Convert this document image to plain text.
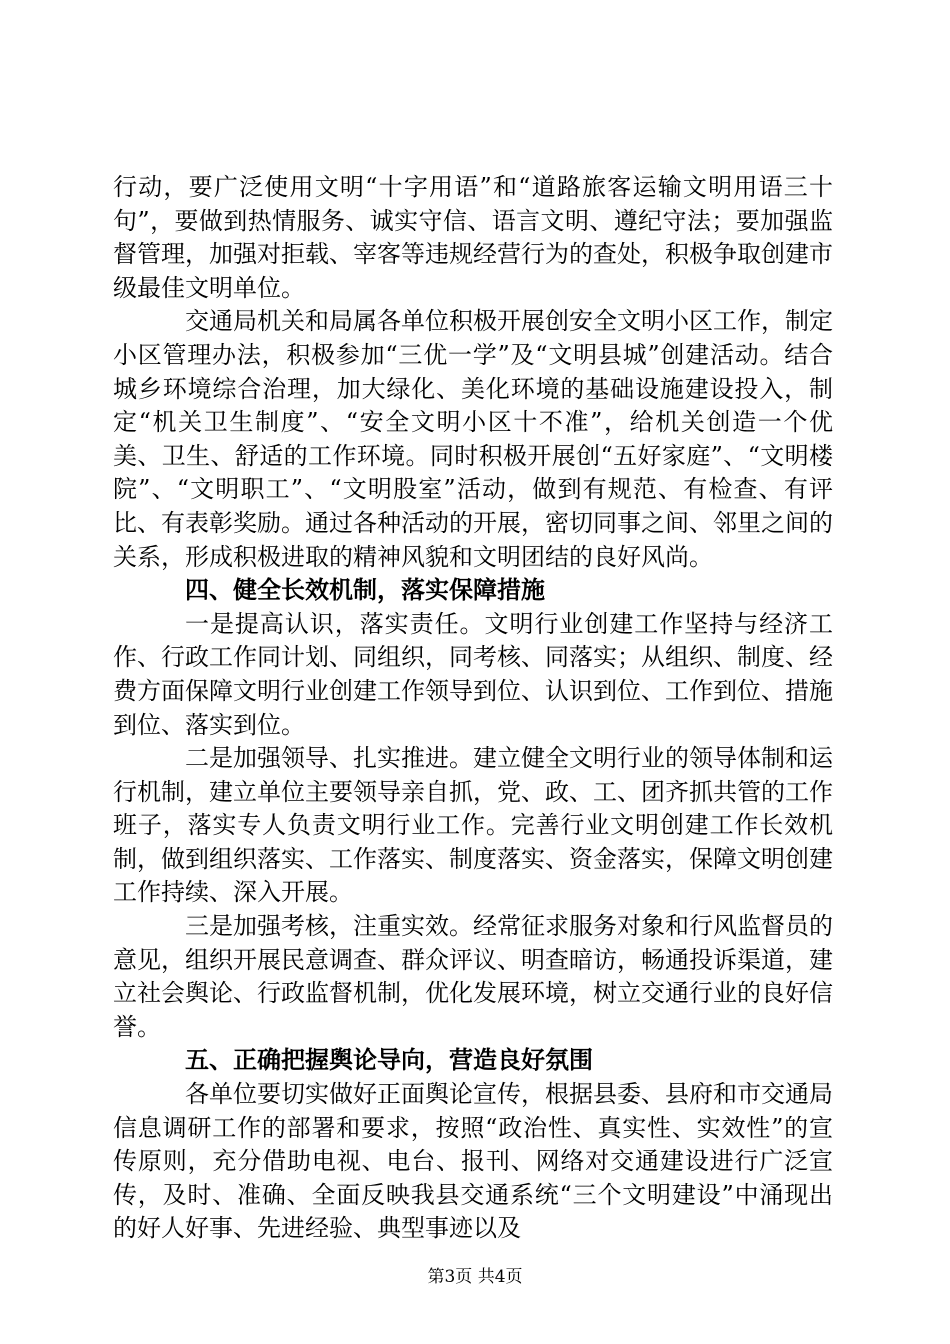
行动，要广泛使用文明“十字用语”和“道路旅客运输文明用语三十句”，要做到热情服务、诚实守信、语言文明、遵纪守法；要加强监督管理，加强对拒载、宰客等违规经营行为的查处，积极争取创建市级最佳文明单位。

交通局机关和局属各单位积极开展创安全文明小区工作，制定小区管理办法，积极参加“三优一学”及“文明县城”创建活动。结合城乡环境综合治理，加大绿化、美化环境的基础设施建设投入，制定“机关卫生制度”、“安全文明小区十不准”，给机关创造一个优美、卫生、舒适的工作环境。同时积极开展创“五好家庭”、“文明楼院”、“文明职工”、“文明股室”活动，做到有规范、有检查、有评比、有表彰奖励。通过各种活动的开展，密切同事之间、邻里之间的关系，形成积极进取的精神风貌和文明团结的良好风尚。

四、健全长效机制，落实保障措施

一是提高认识，落实责任。文明行业创建工作坚持与经济工作、行政工作同计划、同组织，同考核、同落实；从组织、制度、经费方面保障文明行业创建工作领导到位、认识到位、工作到位、措施到位、落实到位。

二是加强领导、扎实推进。建立健全文明行业的领导体制和运行机制，建立单位主要领导亲自抓，党、政、工、团齐抓共管的工作班子，落实专人负责文明行业工作。完善行业文明创建工作长效机制，做到组织落实、工作落实、制度落实、资金落实，保障文明创建工作持续、深入开展。

三是加强考核，注重实效。经常征求服务对象和行风监督员的意见，组织开展民意调查、群众评议、明查暗访，畅通投诉渠道，建立社会舆论、行政监督机制，优化发展环境，树立交通行业的良好信誉。

五、正确把握舆论导向，营造良好氛围

各单位要切实做好正面舆论宣传，根据县委、县府和市交通局信息调研工作的部署和要求，按照“政治性、真实性、实效性”的宣传原则，充分借助电视、电台、报刊、网络对交通建设进行广泛宣传，及时、准确、全面反映我县交通系统“三个文明建设”中涌现出的好人好事、先进经验、典型事迹以及

第3页 共4页
